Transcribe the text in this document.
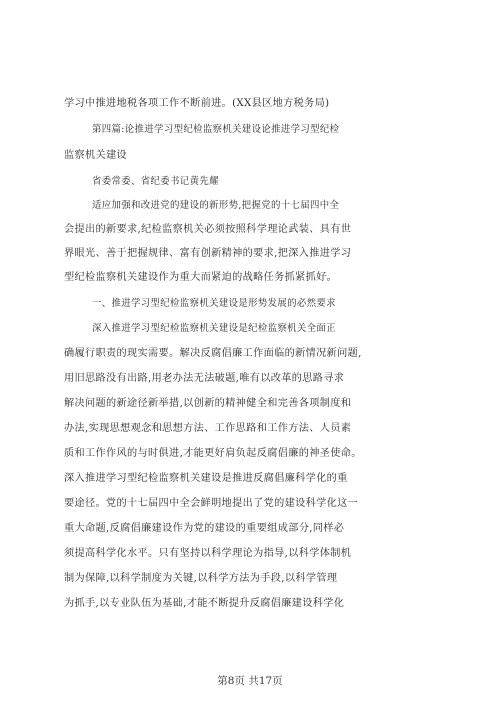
学习中推进地税各项工作不断前进。(XX县区地方税务局)
第四篇:论推进学习型纪检监察机关建设论推进学习型纪检
监察机关建设
省委常委、省纪委书记黄先耀
适应加强和改进党的建设的新形势,把握党的十七届四中全
会提出的新要求,纪检监察机关必须按照科学理论武装、具有世
界眼光、善于把握规律、富有创新精神的要求,把深入推进学习
型纪检监察机关建设作为重大而紧迫的战略任务抓紧抓好。
一、推进学习型纪检监察机关建设是形势发展的必然要求
深入推进学习型纪检监察机关建设是纪检监察机关全面正
确履行职责的现实需要。解决反腐倡廉工作面临的新情况新问题,
用旧思路没有出路,用老办法无法破题,唯有以改革的思路寻求
解决问题的新途径新举措,以创新的精神健全和完善各项制度和
办法,实现思想观念和思想方法、工作思路和工作方法、人员素
质和工作作风的与时俱进,才能更好肩负起反腐倡廉的神圣使命。
深入推进学习型纪检监察机关建设是推进反腐倡廉科学化的重
要途径。党的十七届四中全会鲜明地提出了党的建设科学化这一
重大命题,反腐倡廉建设作为党的建设的重要组成部分,同样必
须提高科学化水平。只有坚持以科学理论为指导,以科学体制机
制为保障,以科学制度为关键,以科学方法为手段,以科学管理
为抓手,以专业队伍为基础,才能不断提升反腐倡廉建设科学化
第8页 共17页
